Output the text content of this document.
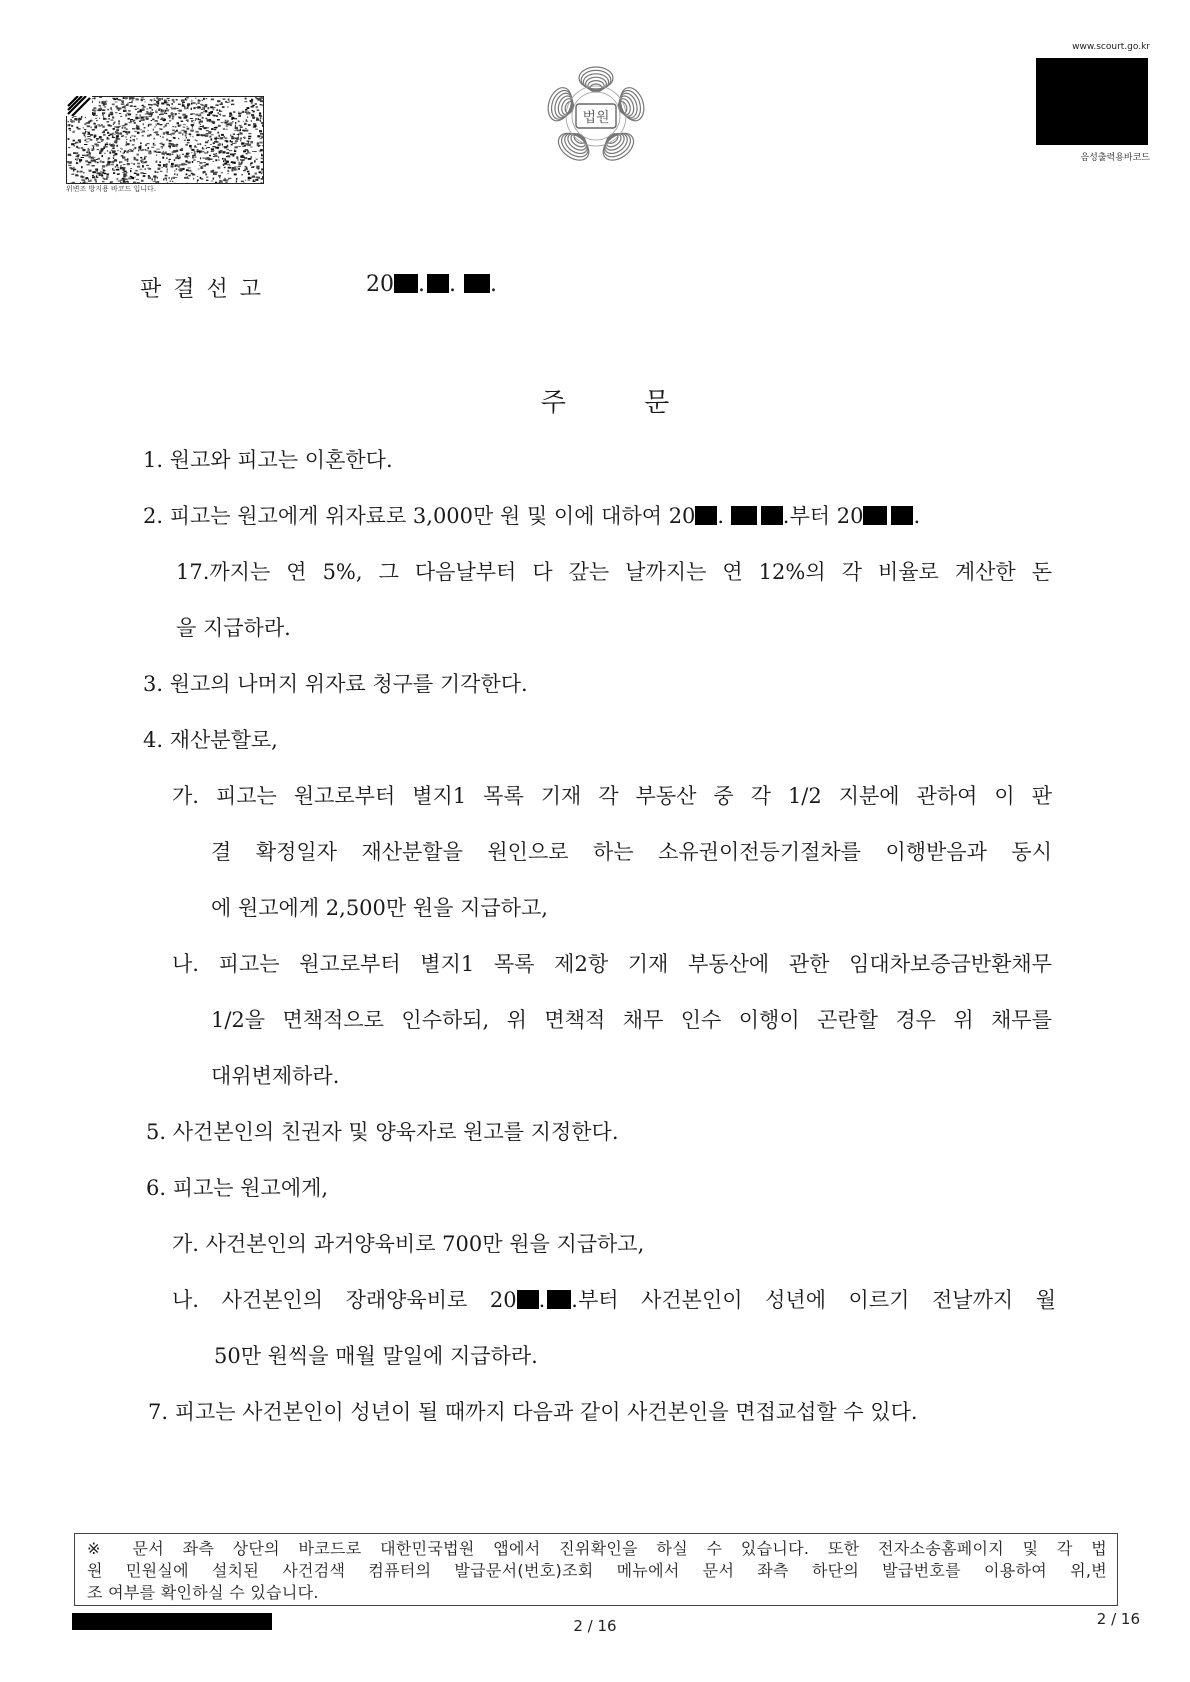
위변조 방지용 바코드 입니다.
법원
www.scourt.go.kr
음성출력용바코드
판결선고	20 . . .
주 문
1. 원고와 피고는 이혼한다.
2. 피고는 원고에게 위자료로 3,000만 원 및 이에 대하여 20 . .부터 20 .
17.까지는 연 5%, 그 다음날부터 다 갚는 날까지는 연 12%의 각 비율로 계산한 돈
을 지급하라.
3. 원고의 나머지 위자료 청구를 기각한다.
4. 재산분할로,
가. 피고는 원고로부터 별지1 목록 기재 각 부동산 중 각 1/2 지분에 관하여 이 판
결 확정일자 재산분할을 원인으로 하는 소유권이전등기절차를 이행받음과 동시
에 원고에게 2,500만 원을 지급하고,
나. 피고는 원고로부터 별지1 목록 제2항 기재 부동산에 관한 임대차보증금반환채무
1/2을 면책적으로 인수하되, 위 면책적 채무 인수 이행이 곤란할 경우 위 채무를
대위변제하라.
5. 사건본인의 친권자 및 양육자로 원고를 지정한다.
6. 피고는 원고에게,
가. 사건본인의 과거양육비로 700만 원을 지급하고,
나. 사건본인의 장래양육비로 20 . .부터 사건본인이 성년에 이르기 전날까지 월
50만 원씩을 매월 말일에 지급하라.
7. 피고는 사건본인이 성년이 될 때까지 다음과 같이 사건본인을 면접교섭할 수 있다.
※ 문서 좌측 상단의 바코드로 대한민국법원 앱에서 진위확인을 하실 수 있습니다. 또한 전자소송홈페이지 및 각 법
원 민원실에 설치된 사건검색 컴퓨터의 발급문서(번호)조회 메뉴에서 문서 좌측 하단의 발급번호를 이용하여 위,변
조 여부를 확인하실 수 있습니다.
2 / 16	2 / 16
